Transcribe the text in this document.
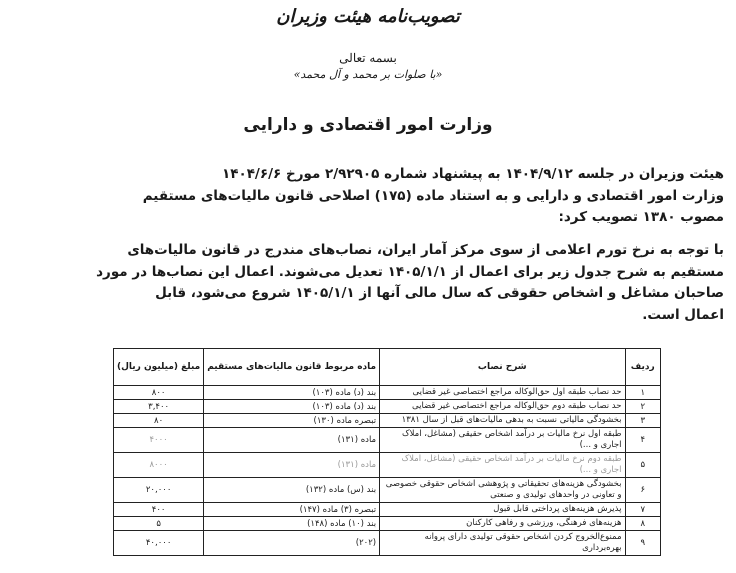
تصویب‌نامه هیئت وزیران
بسمه تعالی
«با صلوات بر محمد و آل محمد»
وزارت امور اقتصادی و دارایی
هیئت وزیران در جلسه ۱۴۰۴/۹/۱۲ به پیشنهاد شماره ۲/۹۲۹۰۵ مورخ ۱۴۰۴/۶/۶
وزارت امور اقتصادی و دارایی و به استناد ماده (۱۷۵) اصلاحی قانون مالیات‌های مستقیم
مصوب ۱۳۸۰ تصویب کرد:
با توجه به نرخ تورم اعلامی از سوی مرکز آمار ایران، نصاب‌های مندرج در قانون مالیات‌های
مستقیم به شرح جدول زیر برای اعمال از ۱۴۰۵/۱/۱ تعدیل می‌شوند. اعمال این نصاب‌ها در مورد
صاحبان مشاغل و اشخاص حقوقی که سال مالی آنها از ۱۴۰۵/۱/۱ شروع می‌شود، قابل
اعمال است.
ردیف	شرح نصاب	ماده مربوط قانون مالیات‌های مستقیم	مبلغ (میلیون ریال)
۱	حد نصاب طبقه اول حق‌الوکاله مراجع اختصاصی غیر قضایی	بند (د) ماده (۱۰۳)	۸۰۰
۲	حد نصاب طبقه دوم حق‌الوکاله مراجع اختصاصی غیر قضایی	بند (د) ماده (۱۰۳)	۳,۴۰۰
۳	بخشودگی مالیاتی نسبت به بدهی مالیات‌های قبل از سال ۱۳۸۱	تبصره ماده (۱۳۰)	۸۰
۴	طبقه اول نرخ مالیات بر درآمد اشخاص حقیقی (مشاغل، املاک اجاری و ...)	ماده (۱۳۱)	۴۰۰۰
۵	طبقه دوم نرخ مالیات بر درآمد اشخاص حقیقی (مشاغل، املاک اجاری و ...)	ماده (۱۳۱)	۸۰۰۰
۶	بخشودگی هزینه‌های تحقیقاتی و پژوهشی اشخاص حقوقی خصوصی و تعاونی در واحدهای تولیدی و صنعتی	بند (س) ماده (۱۳۲)	۲۰,۰۰۰
۷	پذیرش هزینه‌های پرداختی قابل قبول	تبصره (۳) ماده (۱۴۷)	۴۰۰
۸	هزینه‌های فرهنگی، ورزشی و رفاهی کارکنان	بند (۱۰) ماده (۱۴۸)	۵
۹	ممنوع‌الخروج کردن اشخاص حقوقی تولیدی دارای پروانه بهره‌برداری	(۲۰۲)	۴۰,۰۰۰
